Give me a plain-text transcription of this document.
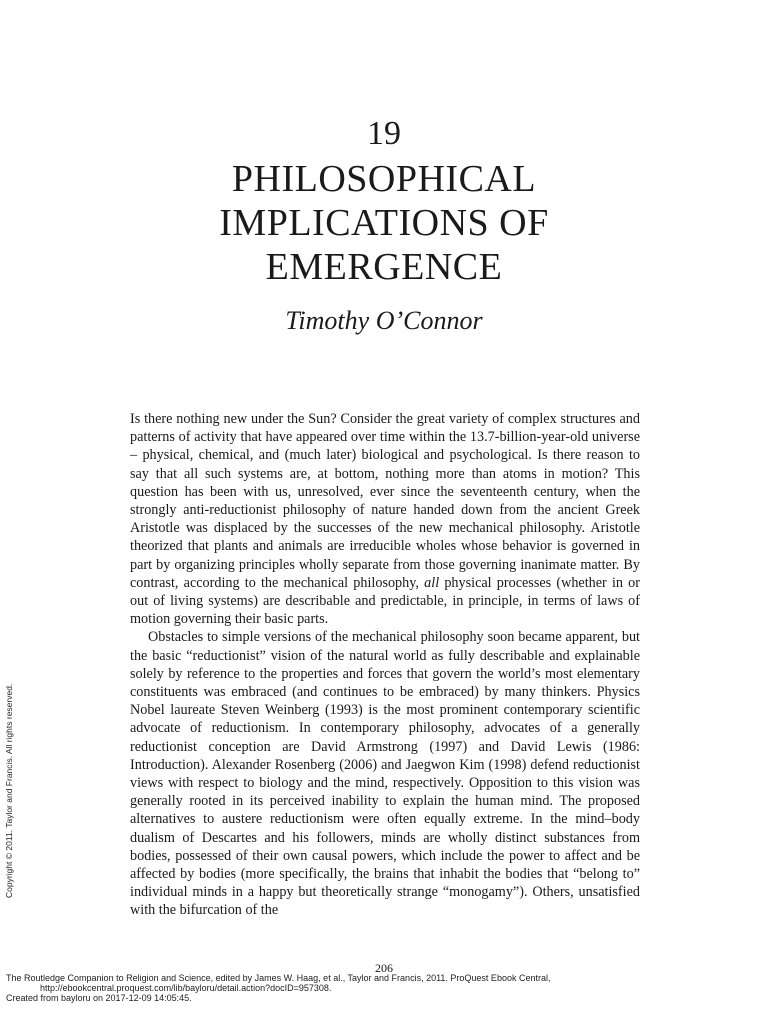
19
PHILOSOPHICAL
IMPLICATIONS OF
EMERGENCE
Timothy O’Connor

Is there nothing new under the Sun? Consider the great variety of complex structures and patterns of activity that have appeared over time within the 13.7-billion-year-old universe – physical, chemical, and (much later) biological and psychological. Is there reason to say that all such systems are, at bottom, nothing more than atoms in motion? This question has been with us, unresolved, ever since the seventeenth century, when the strongly anti-reductionist philosophy of nature handed down from the ancient Greek Aristotle was displaced by the successes of the new mechanical philosophy. Aristotle theorized that plants and animals are irreducible wholes whose behavior is governed in part by organizing principles wholly separate from those governing inanimate matter. By contrast, according to the mechanical philosophy, all physical processes (whether in or out of living systems) are describable and predictable, in principle, in terms of laws of motion governing their basic parts.

Obstacles to simple versions of the mechanical philosophy soon became apparent, but the basic “reductionist” vision of the natural world as fully describable and explainable solely by reference to the properties and forces that govern the world’s most elementary constituents was embraced (and continues to be embraced) by many thinkers. Physics Nobel laureate Steven Weinberg (1993) is the most prominent contemporary scientific advocate of reductionism. In contemporary philosophy, advocates of a generally reductionist conception are David Armstrong (1997) and David Lewis (1986: Introduction). Alexander Rosenberg (2006) and Jaegwon Kim (1998) defend reductionist views with respect to biology and the mind, respectively. Opposition to this vision was generally rooted in its perceived inability to explain the human mind. The proposed alternatives to austere reductionism were often equally extreme. In the mind–body dualism of Descartes and his followers, minds are wholly distinct substances from bodies, possessed of their own causal powers, which include the power to affect and be affected by bodies (more specifically, the brains that inhabit the bodies that “belong to” individual minds in a happy but theoretically strange “monogamy”). Others, unsatisfied with the bifurcation of the

Copyright © 2011. Taylor and Francis. All rights reserved.
206
The Routledge Companion to Religion and Science, edited by James W. Haag, et al., Taylor and Francis, 2011. ProQuest Ebook Central,
http://ebookcentral.proquest.com/lib/bayloru/detail.action?docID=957308.
Created from bayloru on 2017-12-09 14:05:45.
